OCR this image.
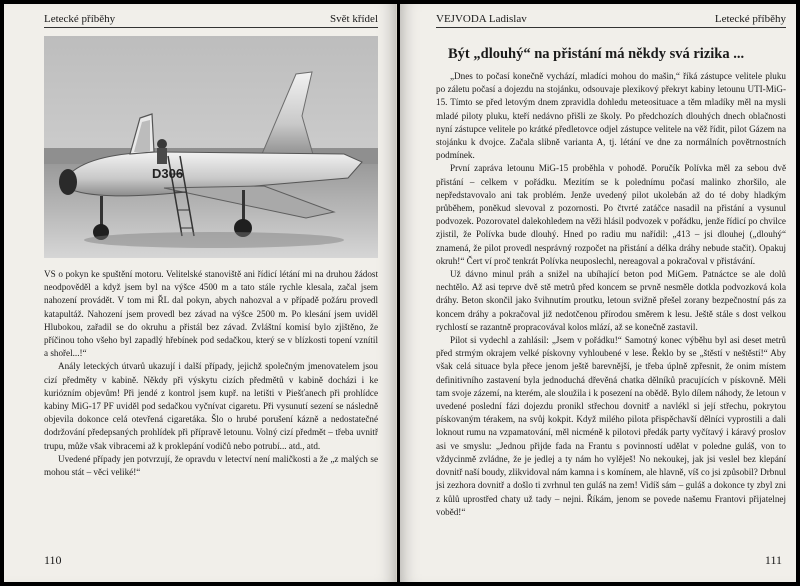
Letecké příběhy	Svět křídel
D306

VS o pokyn ke spuštění motoru. Velitelské stanoviště ani řídicí létání mi na druhou žádost neodpověděl a když jsem byl na výšce 4500 m a tato stále rychle klesala, začal jsem nahození provádět. V tom mi ŘL dal pokyn, abych nahozval a v případě požáru provedl katapultáž. Nahození jsem provedl bez závad na výšce 2500 m. Po klesání jsem uviděl Hlubokou, zařadil se do okruhu a přistál bez závad. Zvláštní komisí bylo zjištěno, že příčinou toho všeho byl zapadlý hřebínek pod sedačkou, který se v blízkosti topení vznítil a shořel...!“

Anály leteckých útvarů ukazují i další případy, jejichž společným jmenovatelem jsou cizí předměty v kabině. Někdy při výskytu cizích předmětů v kabině docházi i ke kuriózním objevům! Při jendé z kontrol jsem kupř. na letišti v Piešťanech při prohlídce kabiny MiG-17 PF uviděl pod sedačkou vyčnívat cigaretu. Při vysunutí sezení se následně objevila dokonce celá otevřená cigaretáka. Šlo o hrubé porušení kázně a nedostatečné dodržování předepsaných prohlídek při přípravě letounu. Volný cizí předmět – třeba uvnitř trupu, může však vibracemi až k proklepání vodičů nebo potrubí... atd., atd.

Uvedené případy jen potvrzují, že opravdu v letectví není maličkosti a že „z malých se mohou stát – věci veliké!“

110
VEJVODA Ladislav	Letecké příběhy
Být „dlouhý“ na přistání má někdy svá rizika ...

„Dnes to počasí konečně vychází, mladíci mohou do mašin,“ říká zástupce velitele pluku po záletu počasí a dojezdu na stojánku, odsouvaje plexikový překryt kabiny letounu UTI-MiG-15. Tímto se před letovým dnem zpravidla dohledu meteosituace a těm mladíky měl na mysli mladé piloty pluku, kteří nedávno přišli ze školy. Po předchozích dlouhých dnech oblačnosti nyní zástupce velitele po krátké předletovce odjel zástupce velitele na věž řídit, pilot Gázem na stojánku k dvojce. Začala slibně varianta A, tj. létání ve dne za normálních povětrnostních podmínek.

První zapráva letounu MiG-15 proběhla v pohodě. Poručík Polívka měl za sebou dvě přistání – celkem v pořádku. Mezitím se k polednímu počasí malinko zhoršilo, ale nepředstavovalo ani tak problém. Jenže uvedený pilot ukolebán až do té doby hladkým průběhem, poněkud slevoval z pozornosti. Po čtvrté zatáčce nasadil na přistání a vysunul podvozek. Pozorovatel dalekohledem na věži hlásil podvozek v pořádku, jenže řídicí po chvilce zjistil, že Polívka bude dlouhý. Hned po radiu mu nařídil: „413 – jsi dlouhej („dlouhý“ znamená, že pilot provedl nesprávný rozpočet na přistání a délka dráhy nebude stačit). Opakuj okruh!“ Čert ví proč tenkrát Polívka neuposlechl, nereagoval a pokračoval v přistávání.

Už dávno minul práh a snižel na ubíhající beton pod MiGem. Patnáctce se ale dolů nechtělo. Až asi teprve dvě stě metrů před koncem se prvně nesměle dotkla podvozková kola dráhy. Beton skončil jako švihnutím proutku, letoun svižně přešel zorany bezpečnostní pás za koncem dráhy a pokračoval již nedotčenou přírodou směrem k lesu. Ještě stále s dost velkou rychlostí se razantně propracovával kolos mlází, až se konečně zastavil.

Pilot si vydechl a zahlásil: „Jsem v pořádku!“ Samotný konec výběhu byl asi deset metrů před strmým okrajem velké pískovny vyhloubené v lese. Řeklo by se „štěstí v neštěstí!“ Aby však celá situace byla přece jenom ještě barevnější, je třeba úplně zpřesnit, že onim místem definitivního zastavení byla jednoduchá dřevěná chatka dělníků pracujících v pískovně. Měli tam svoje zázemí, na kterém, ale sloužila i k posezení na obědě. Bylo dílem náhody, že letoun v uvedené poslední fázi dojezdu pronikl střechou dovnitř a navlékl si její střechu, pokrytou pískovaným térakem, na svůj kokpit. Když milého pilota přispěchavší dělníci vyprostili a dali loknout rumu na vzpamatování, měl nicméně k pilotovi předák party vyčítavý i káravý proslov asi ve smyslu: „Jednou přijde fada na Frantu s povinností udělat v poledne guláš, von to vždycinmě zvládne, že je jedlej a ty nám ho vylěješ! No nekoukej, jak jsi veslel bez klepání dovnitř naší boudy, zlikvidoval nám kamna i s komínem, ale hlavně, víš co jsi způsobil? Drbnul jsi zezhora dovnitř a došlo ti zvrhnul ten guláš na zem! Vidíš sám – guláš a dokonce ty zbyl zni z kůlů uprostřed chaty už tady – nejni. Říkám, jenom se povede našemu Frantovi přijatelnej voběd!“

111
